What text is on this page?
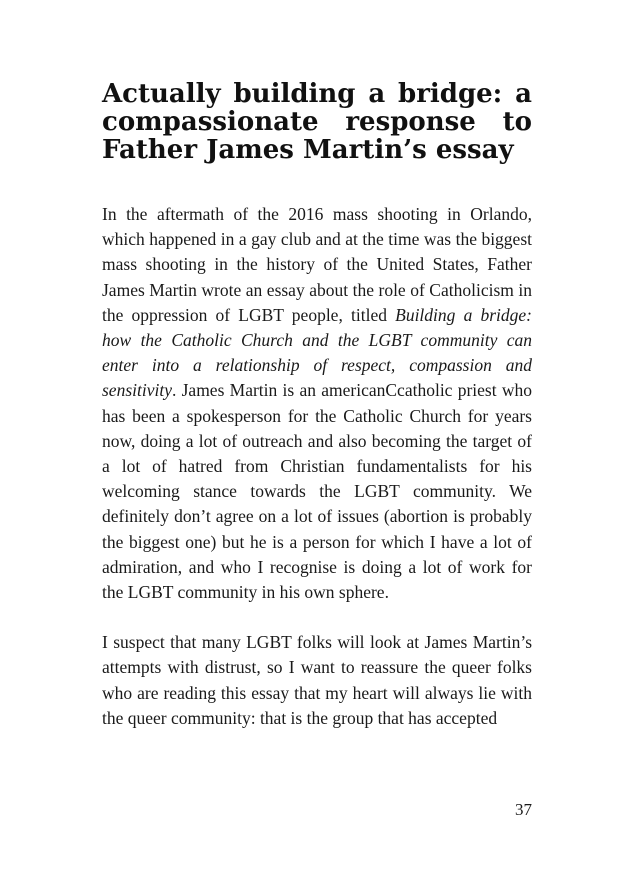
Actually building a bridge: a compassionate response to Father James Martin’s essay

In the aftermath of the 2016 mass shooting in Orlando, which happened in a gay club and at the time was the biggest mass shooting in the history of the United States, Father James Martin wrote an essay about the role of Catholicism in the oppression of LGBT people, titled Building a bridge: how the Catholic Church and the LGBT community can enter into a relationship of respect, compassion and sensitivity. James Martin is an americanCcatholic priest who has been a spokesperson for the Catholic Church for years now, doing a lot of outreach and also becoming the target of a lot of hatred from Christian fundamentalists for his welcoming stance towards the LGBT community. We definitely don’t agree on a lot of issues (abortion is probably the biggest one) but he is a person for which I have a lot of admiration, and who I recognise is doing a lot of work for the LGBT community in his own sphere.

I suspect that many LGBT folks will look at James Martin’s attempts with distrust, so I want to reassure the queer folks who are reading this essay that my heart will always lie with the queer community: that is the group that has accepted

37
